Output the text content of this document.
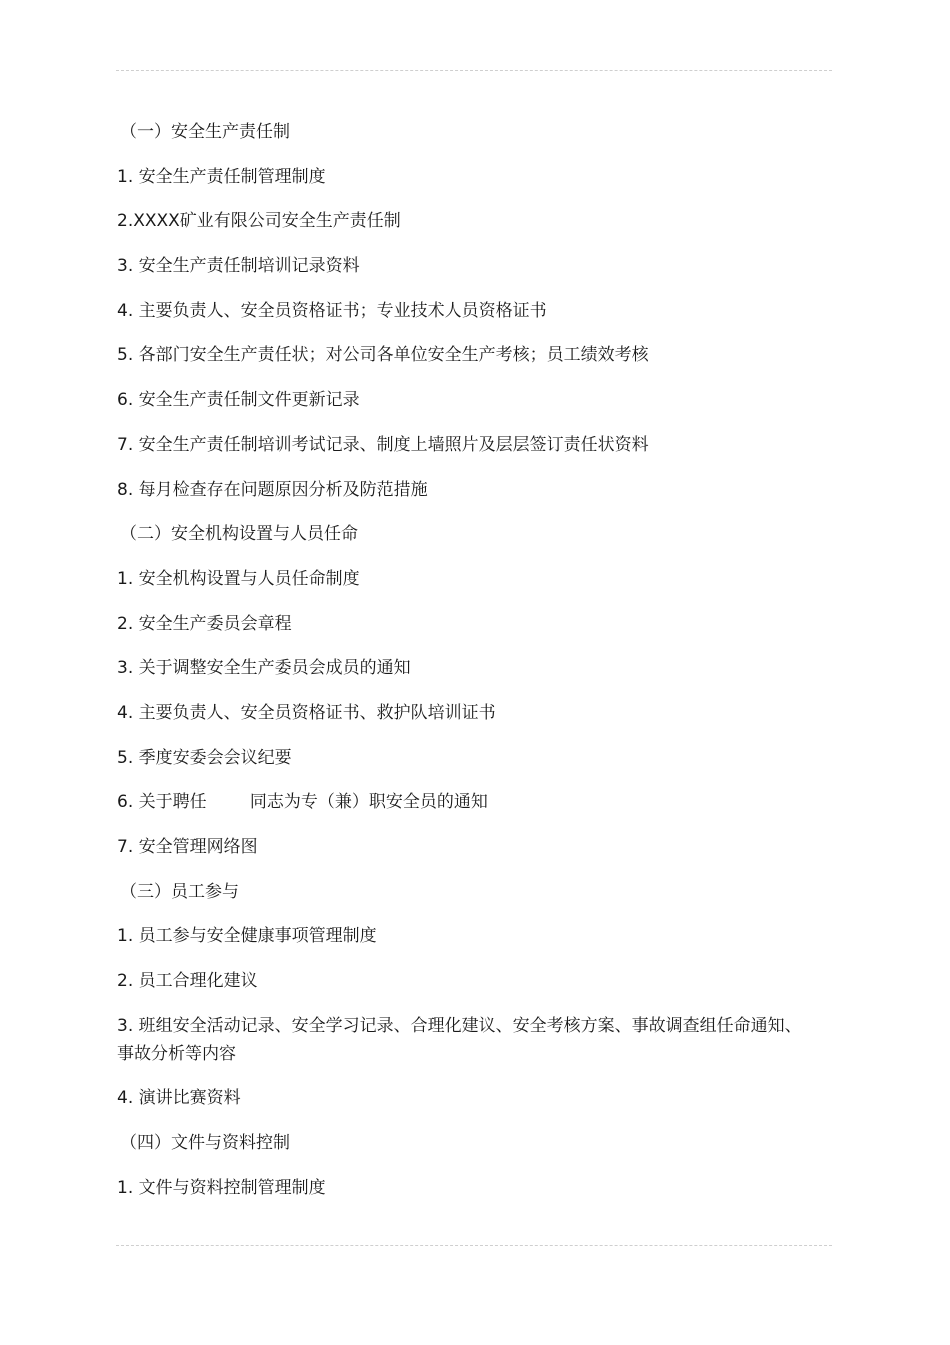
（一）安全生产责任制
1. 安全生产责任制管理制度
2.XXXX矿业有限公司安全生产责任制
3. 安全生产责任制培训记录资料
4. 主要负责人、安全员资格证书；专业技术人员资格证书
5. 各部门安全生产责任状；对公司各单位安全生产考核；员工绩效考核
6. 安全生产责任制文件更新记录
7. 安全生产责任制培训考试记录、制度上墙照片及层层签订责任状资料
8. 每月检查存在问题原因分析及防范措施
（二）安全机构设置与人员任命
1. 安全机构设置与人员任命制度
2. 安全生产委员会章程
3. 关于调整安全生产委员会成员的通知
4. 主要负责人、安全员资格证书、救护队培训证书
5. 季度安委会会议纪要
6. 关于聘任        同志为专（兼）职安全员的通知
7. 安全管理网络图
（三）员工参与
1. 员工参与安全健康事项管理制度
2. 员工合理化建议
3. 班组安全活动记录、安全学习记录、合理化建议、安全考核方案、事故调查组任命通知、事故分析等内容
4. 演讲比赛资料
（四）文件与资料控制
1. 文件与资料控制管理制度
